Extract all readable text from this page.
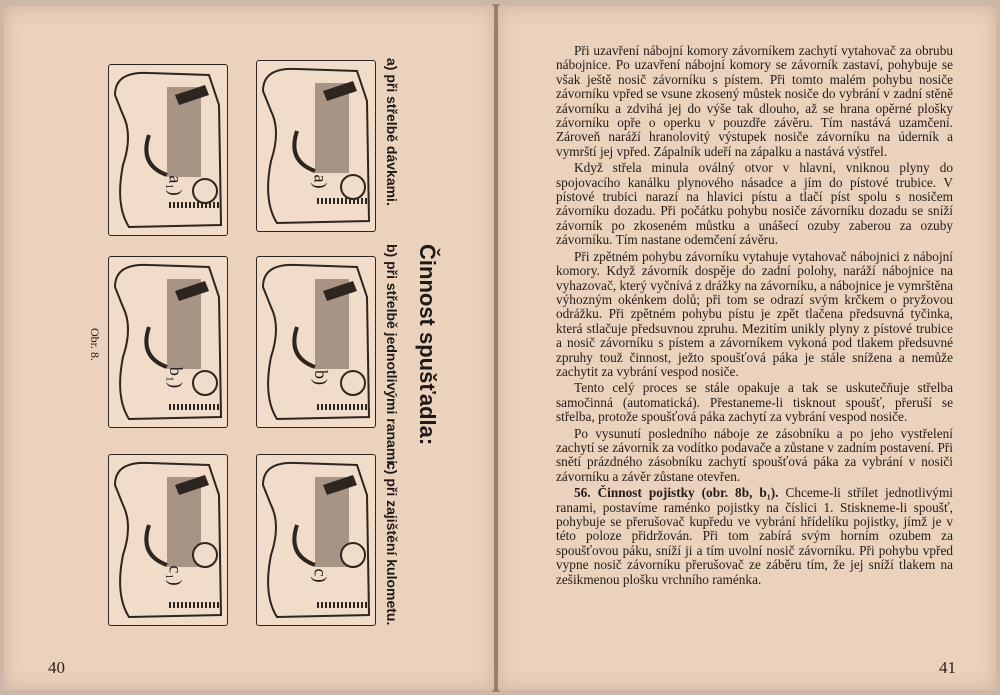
a₁)
b₁)
c₁)
a)
b)
c)
a) při střelbě dávkami.
Činnost spušťadla:
b) při střelbě jednotlivými ranami.
c) při zajištění kulometu.
Obr. 8.
40

Při uzavření nábojní komory závorníkem zachytí vytahovač za obrubu nábojnice. Po uzavření nábojní komory se závorník zastaví, pohybuje se však ještě nosič závorníku s pístem. Při tomto malém pohybu nosiče závorníku vpřed se vsune zkosený můstek nosiče do vybrání v zadní stěně závorníku a zdvihá jej do výše tak dlouho, až se hrana opěrné plošky závorníku opře o operku v pouzdře závěru. Tím nastává uzamčení. Zároveň naráží hranolovitý výstupek nosiče závorníku na úderník a vymrští jej vpřed. Zápalník udeří na zápalku a nastává výstřel.

Když střela minula oválný otvor v hlavni, vniknou plyny do spojovacího kanálku plynového násadce a jím do pístové trubice. V pístové trubici narazí na hlavici pístu a tlačí píst spolu s nosičem závorníku dozadu. Při počátku pohybu nosiče závorníku dozadu se sníží závorník po zkoseném můstku a unášecí ozuby zaberou za ozuby závorníku. Tím nastane odemčení závěru.

Při zpětném pohybu závorníku vytahuje vytahovač nábojnici z nábojní komory. Když závorník dospěje do zadní polohy, naráží nábojnice na vyhazovač, který vyčnívá z drážky na závorníku, a nábojnice je vymrštěna výhozným okénkem dolů; při tom se odrazí svým krčkem o pryžovou odrážku. Při zpětném pohybu pístu je zpět tlačena předsuvná tyčinka, která stlačuje předsuvnou zpruhu. Mezitím unikly plyny z pístové trubice a nosič závorníku s pístem a závorníkem vykoná pod tlakem předsuvné zpruhy touž činnost, ježto spoušťová páka je stále snížena a nemůže zachytit za vybrání vespod nosiče.

Tento celý proces se stále opakuje a tak se uskutečňuje střelba samočinná (automatická). Přestaneme-li tisknout spoušť, přeruší se střelba, protože spoušťová páka zachytí za vybrání vespod nosiče.

Po vysunutí posledního náboje ze zásobníku a po jeho vystřelení zachytí se závorník za vodítko podavače a zůstane v zadním postavení. Při snětí prázdného zásobníku zachytí spoušťová páka za vybrání v nosiči závorníku a závěr zůstane otevřen.

56. Činnost pojistky (obr. 8b, b₁). Chceme-li střílet jednotlivými ranami, postavíme raménko pojistky na číslici 1. Stiskneme-li spoušť, pohybuje se přerušovač kupředu ve vybrání hřídelíku pojistky, jímž je v této poloze přidržován. Při tom zabírá svým horním ozubem za spoušťovou páku, sníží ji a tím uvolní nosič závorníku. Při pohybu vpřed vypne nosič závorníku přerušovač ze záběru tím, že jej sníží tlakem na zešikmenou plošku vrchního raménka.

41
